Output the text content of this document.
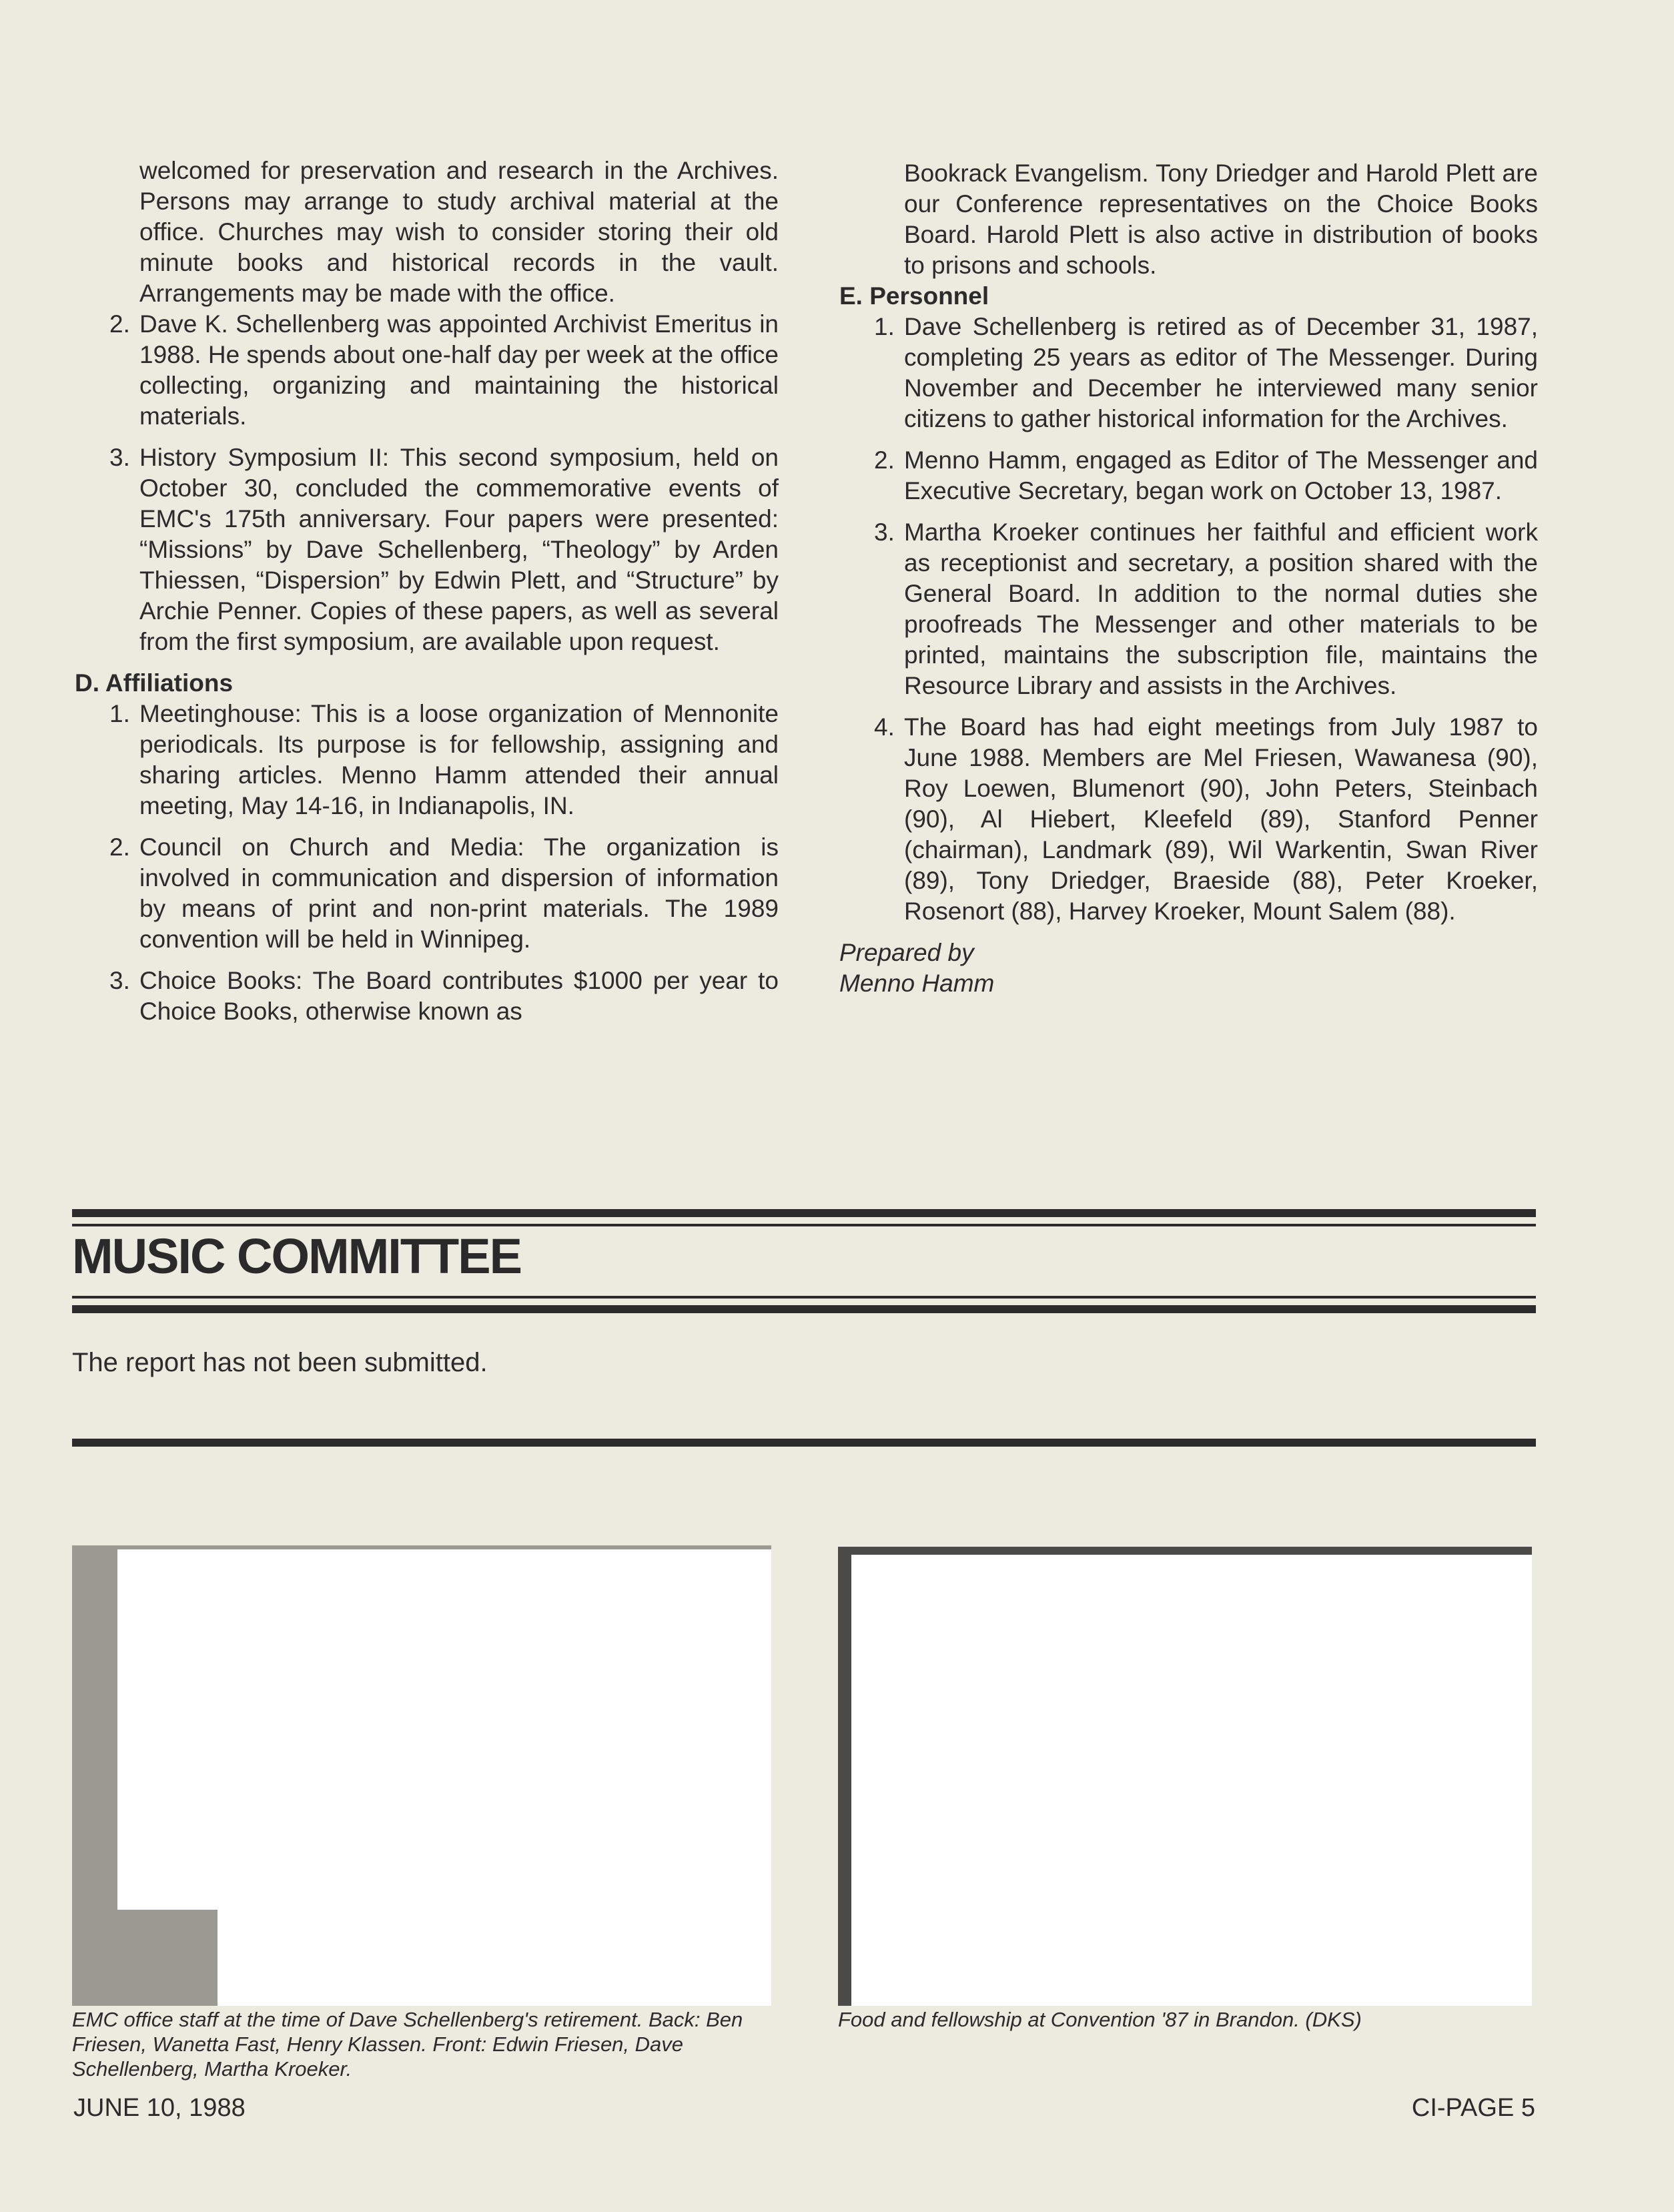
welcomed for preservation and research in the Archives. Persons may arrange to study archival material at the office. Churches may wish to consider storing their old minute books and historical records in the vault. Arrangements may be made with the office.

2. Dave K. Schellenberg was appointed Archivist Emeritus in 1988. He spends about one-half day per week at the office collecting, organizing and maintaining the historical materials.

3. History Symposium II: This second symposium, held on October 30, concluded the commemorative events of EMC's 175th anniversary. Four papers were presented: “Missions” by Dave Schellenberg, “Theology” by Arden Thiessen, “Dispersion” by Edwin Plett, and “Structure” by Archie Penner. Copies of these papers, as well as several from the first symposium, are available upon request.

D. Affiliations

1. Meetinghouse: This is a loose organization of Mennonite periodicals. Its purpose is for fellowship, assigning and sharing articles. Menno Hamm attended their annual meeting, May 14-16, in Indianapolis, IN.

2. Council on Church and Media: The organization is involved in communication and dispersion of information by means of print and non-print materials. The 1989 convention will be held in Winnipeg.

3. Choice Books: The Board contributes $1000 per year to Choice Books, otherwise known as

Bookrack Evangelism. Tony Driedger and Harold Plett are our Conference representatives on the Choice Books Board. Harold Plett is also active in distribution of books to prisons and schools.

E. Personnel

1. Dave Schellenberg is retired as of December 31, 1987, completing 25 years as editor of The Messenger. During November and December he interviewed many senior citizens to gather historical information for the Archives.

2. Menno Hamm, engaged as Editor of The Messenger and Executive Secretary, began work on October 13, 1987.

3. Martha Kroeker continues her faithful and efficient work as receptionist and secretary, a position shared with the General Board. In addition to the normal duties she proofreads The Messenger and other materials to be printed, maintains the subscription file, maintains the Resource Library and assists in the Archives.

4. The Board has had eight meetings from July 1987 to June 1988. Members are Mel Friesen, Wawanesa (90), Roy Loewen, Blumenort (90), John Peters, Steinbach (90), Al Hiebert, Kleefeld (89), Stanford Penner (chairman), Landmark (89), Wil Warkentin, Swan River (89), Tony Driedger, Braeside (88), Peter Kroeker, Rosenort (88), Harvey Kroeker, Mount Salem (88).

Prepared by

Menno Hamm

MUSIC COMMITTEE

The report has not been submitted.

EMC office staff at the time of Dave Schellenberg's retirement. Back: Ben Friesen, Wanetta Fast, Henry Klassen. Front: Edwin Friesen, Dave Schellenberg, Martha Kroeker.

Food and fellowship at Convention '87 in Brandon. (DKS)

JUNE 10, 1988	CI-PAGE 5
